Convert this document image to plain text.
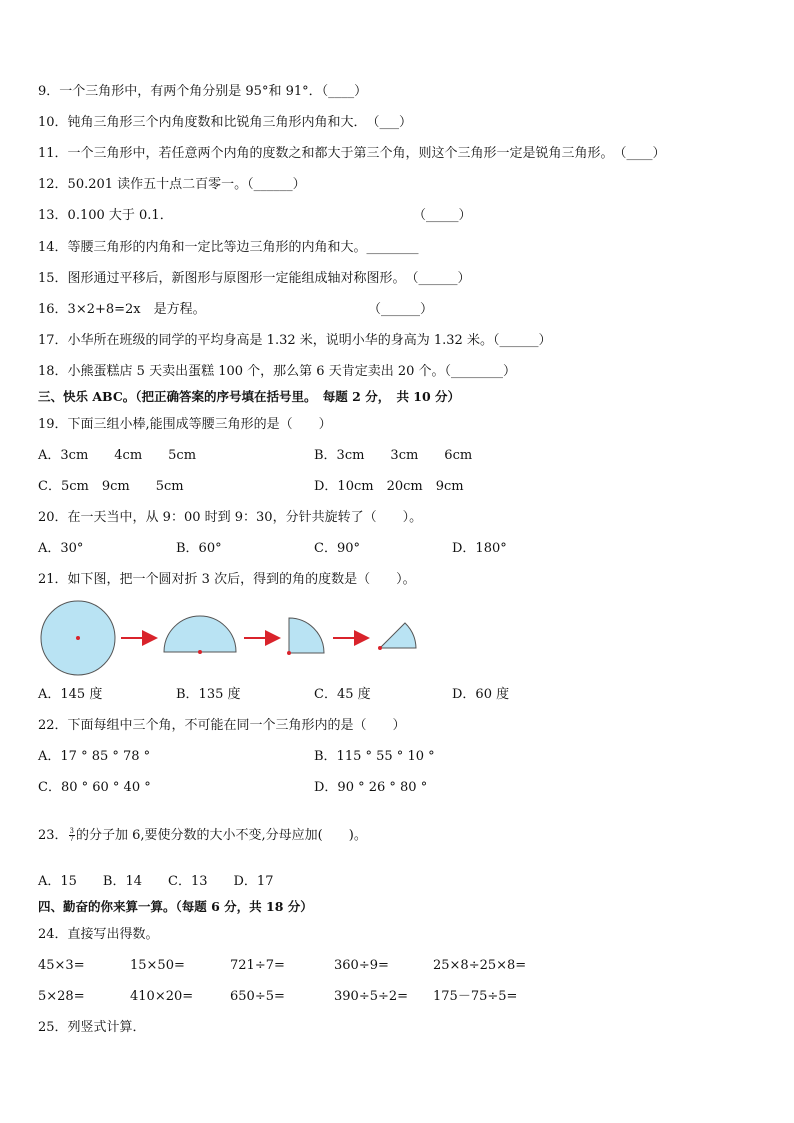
9．一个三角形中，有两个角分别是 95°和 91°．（____）
10．钝角三角形三个内角度数和比锐角三角形内角和大．　（___）
11．一个三角形中，若任意两个内角的度数之和都大于第三个角，则这个三角形一定是锐角三角形。　（____）
12．50.201 读作五十点二百零一。（______）
13．0.100 大于 0.1．	（_____）
14．等腰三角形的内角和一定比等边三角形的内角和大。________
15．图形通过平移后，新图形与原图形一定能组成轴对称图形。　（______）
16．3×2+8=2x　是方程。	（______）
17．小华所在班级的同学的平均身高是 1.32 米，说明小华的身高为 1.32 米。（______）
18．小熊蛋糕店 5 天卖出蛋糕 100 个，那么第 6 天肯定卖出 20 个。（________）
三、快乐 ABC。（把正确答案的序号填在括号里。　每题 2 分，　共 10 分）
19．下面三组小棒,能围成等腰三角形的是（　　）
A．3cm　　4cm　　5cm	B．3cm　　3cm　　6cm
C．5cm　9cm　　5cm	D．10cm　20cm　9cm
20．在一天当中，从 9：00 时到 9：30，分针共旋转了（　　）。
A．30°	B．60°	C．90°	D．180°
21．如下图，把一个圆对折 3 次后，得到的角的度数是（　　）。
A．145 度	B．135 度	C．45 度	D．60 度
22．下面每组中三个角，不可能在同一个三角形内的是（　　）
A．17 ° 85 ° 78 °	B．115 ° 55 ° 10 °
C．80 ° 60 ° 40 °	D．90 ° 26 ° 80 °
23． $\frac{3}{7}$ 的分子加 6,要使分数的大小不变,分母应加(　　)。
A．15　　B．14　　C．13　　D．17
四、勤奋的你来算一算。（每题 6 分，共 18 分）
24．直接写出得数。
45×3=	15×50=	721÷7=	360÷9=	25×8÷25×8=
5×28=	410×20=	650÷5=	390÷5÷2= 175－75÷5=
25．列竖式计算．
